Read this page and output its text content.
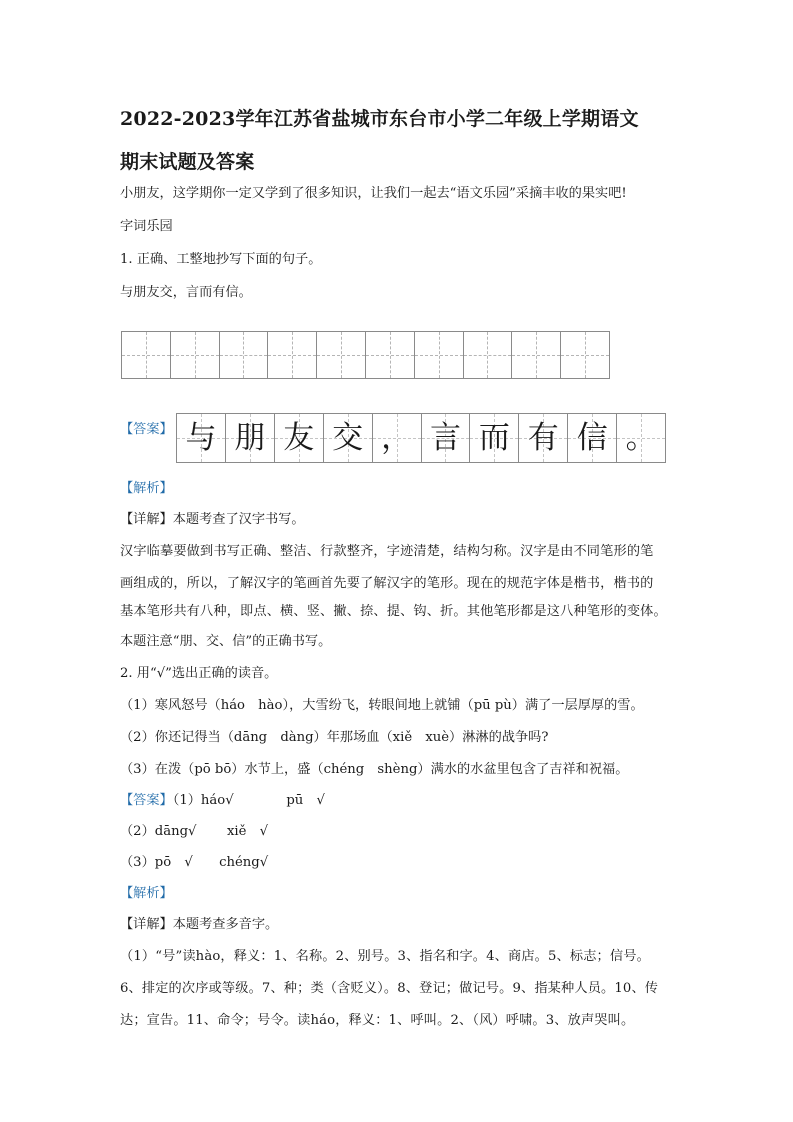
2022-2023学年江苏省盐城市东台市小学二年级上学期语文
期末试题及答案
小朋友，这学期你一定又学到了很多知识，让我们一起去“语文乐园”采摘丰收的果实吧!
字词乐园
1. 正确、工整地抄写下面的句子。
与朋友交，言而有信。
【答案】 与 朋 友 交 ， 言 而 有 信 。
【解析】
【详解】本题考查了汉字书写。
汉字临摹要做到书写正确、整洁、行款整齐，字迹清楚，结构匀称。汉字是由不同笔形的笔
画组成的，所以，了解汉字的笔画首先要了解汉字的笔形。现在的规范字体是楷书，楷书的
基本笔形共有八种，即点、横、竖、撇、捺、提、钩、折。其他笔形都是这八种笔形的变体。
本题注意“朋、交、信”的正确书写。
2. 用“√”选出正确的读音。
（1）寒风怒号（háo　hào），大雪纷飞，转眼间地上就铺（pū pù）满了一层厚厚的雪。
（2）你还记得当（dāng　dàng）年那场血（xiě　xuè）淋淋的战争吗?
（3）在泼（pō bō）水节上，盛（chéng　shèng）满水的水盆里包含了吉祥和祝福。
【答案】（1）háo√　　　　pū　√
（2）dāng√　　 xiě　√
（3）pō　√　　chéng√
【解析】
【详解】本题考查多音字。
（1）“号”读hào，释义：1、名称。2、别号。3、指名和字。4、商店。5、标志；信号。
6、排定的次序或等级。7、种；类（含贬义）。8、登记；做记号。9、指某种人员。10、传
达；宣告。11、命令；号令。读háo，释义：1、呼叫。2、（风）呼啸。3、放声哭叫。
